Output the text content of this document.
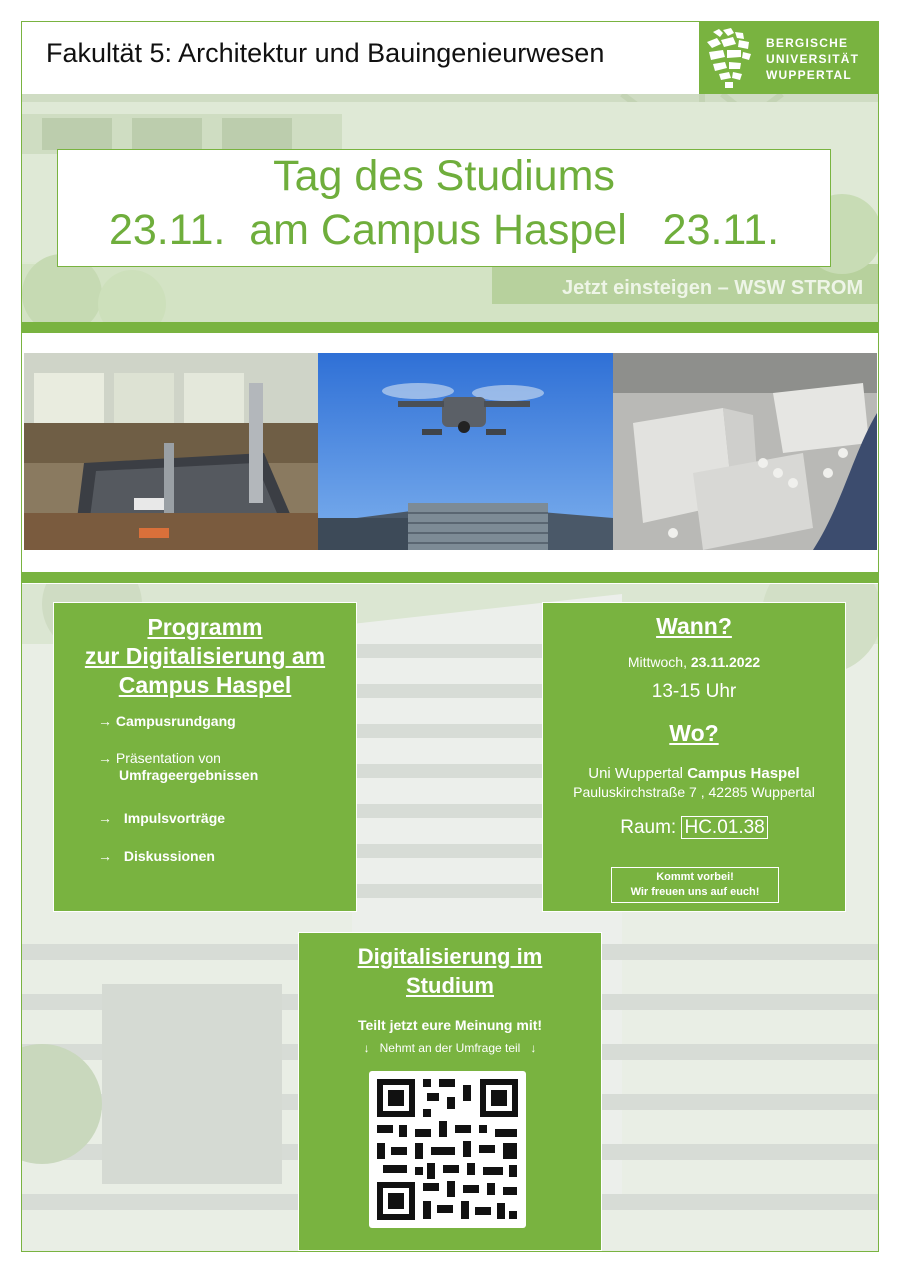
Fakultät 5: Architektur und Bauingenieurwesen	BERGISCHE
UNIVERSITÄT
WUPPERTAL
Jetzt einsteigen – WSW STROM
Tag des Studiums
23.11.  am Campus Haspel   23.11.
Programm
zur Digitalisierung am
Campus Haspel
→ Campusrundgang
→ Präsentation von
Umfrageergebnissen
→ Impulsvorträge
→ Diskussionen
Wann?
Mittwoch, 23.11.2022
13-15 Uhr
Wo?
Uni Wuppertal Campus Haspel
Pauluskirchstraße 7 , 42285 Wuppertal
Raum: HC.01.38
Kommt vorbei!
Wir freuen uns auf euch!
Digitalisierung im
Studium
Teilt jetzt eure Meinung mit!
↓ Nehmt an der Umfrage teil ↓
